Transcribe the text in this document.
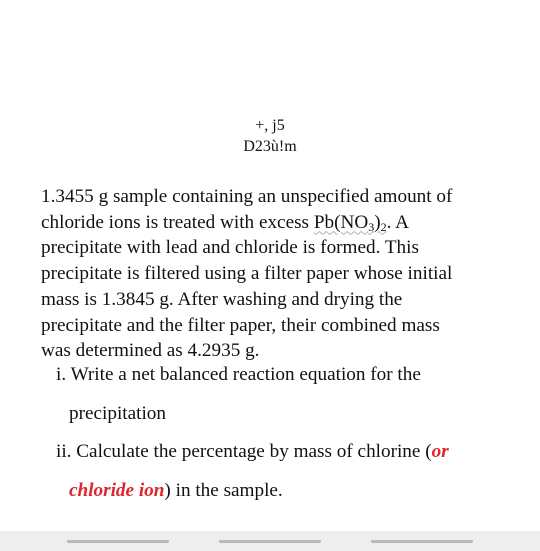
+, j5
D23ù!m
1.3455 g sample containing an unspecified amount of
chloride ions is treated with excess $Pb(NO_3)_2$. A
precipitate with lead and chloride is formed. This
precipitate is filtered using a filter paper whose initial
mass is 1.3845 g. After washing and drying the
precipitate and the filter paper, their combined mass
was determined as 4.2935 g.
i. Write a net balanced reaction equation for the
precipitation
ii. Calculate the percentage by mass of chlorine (or
chloride ion) in the sample.
